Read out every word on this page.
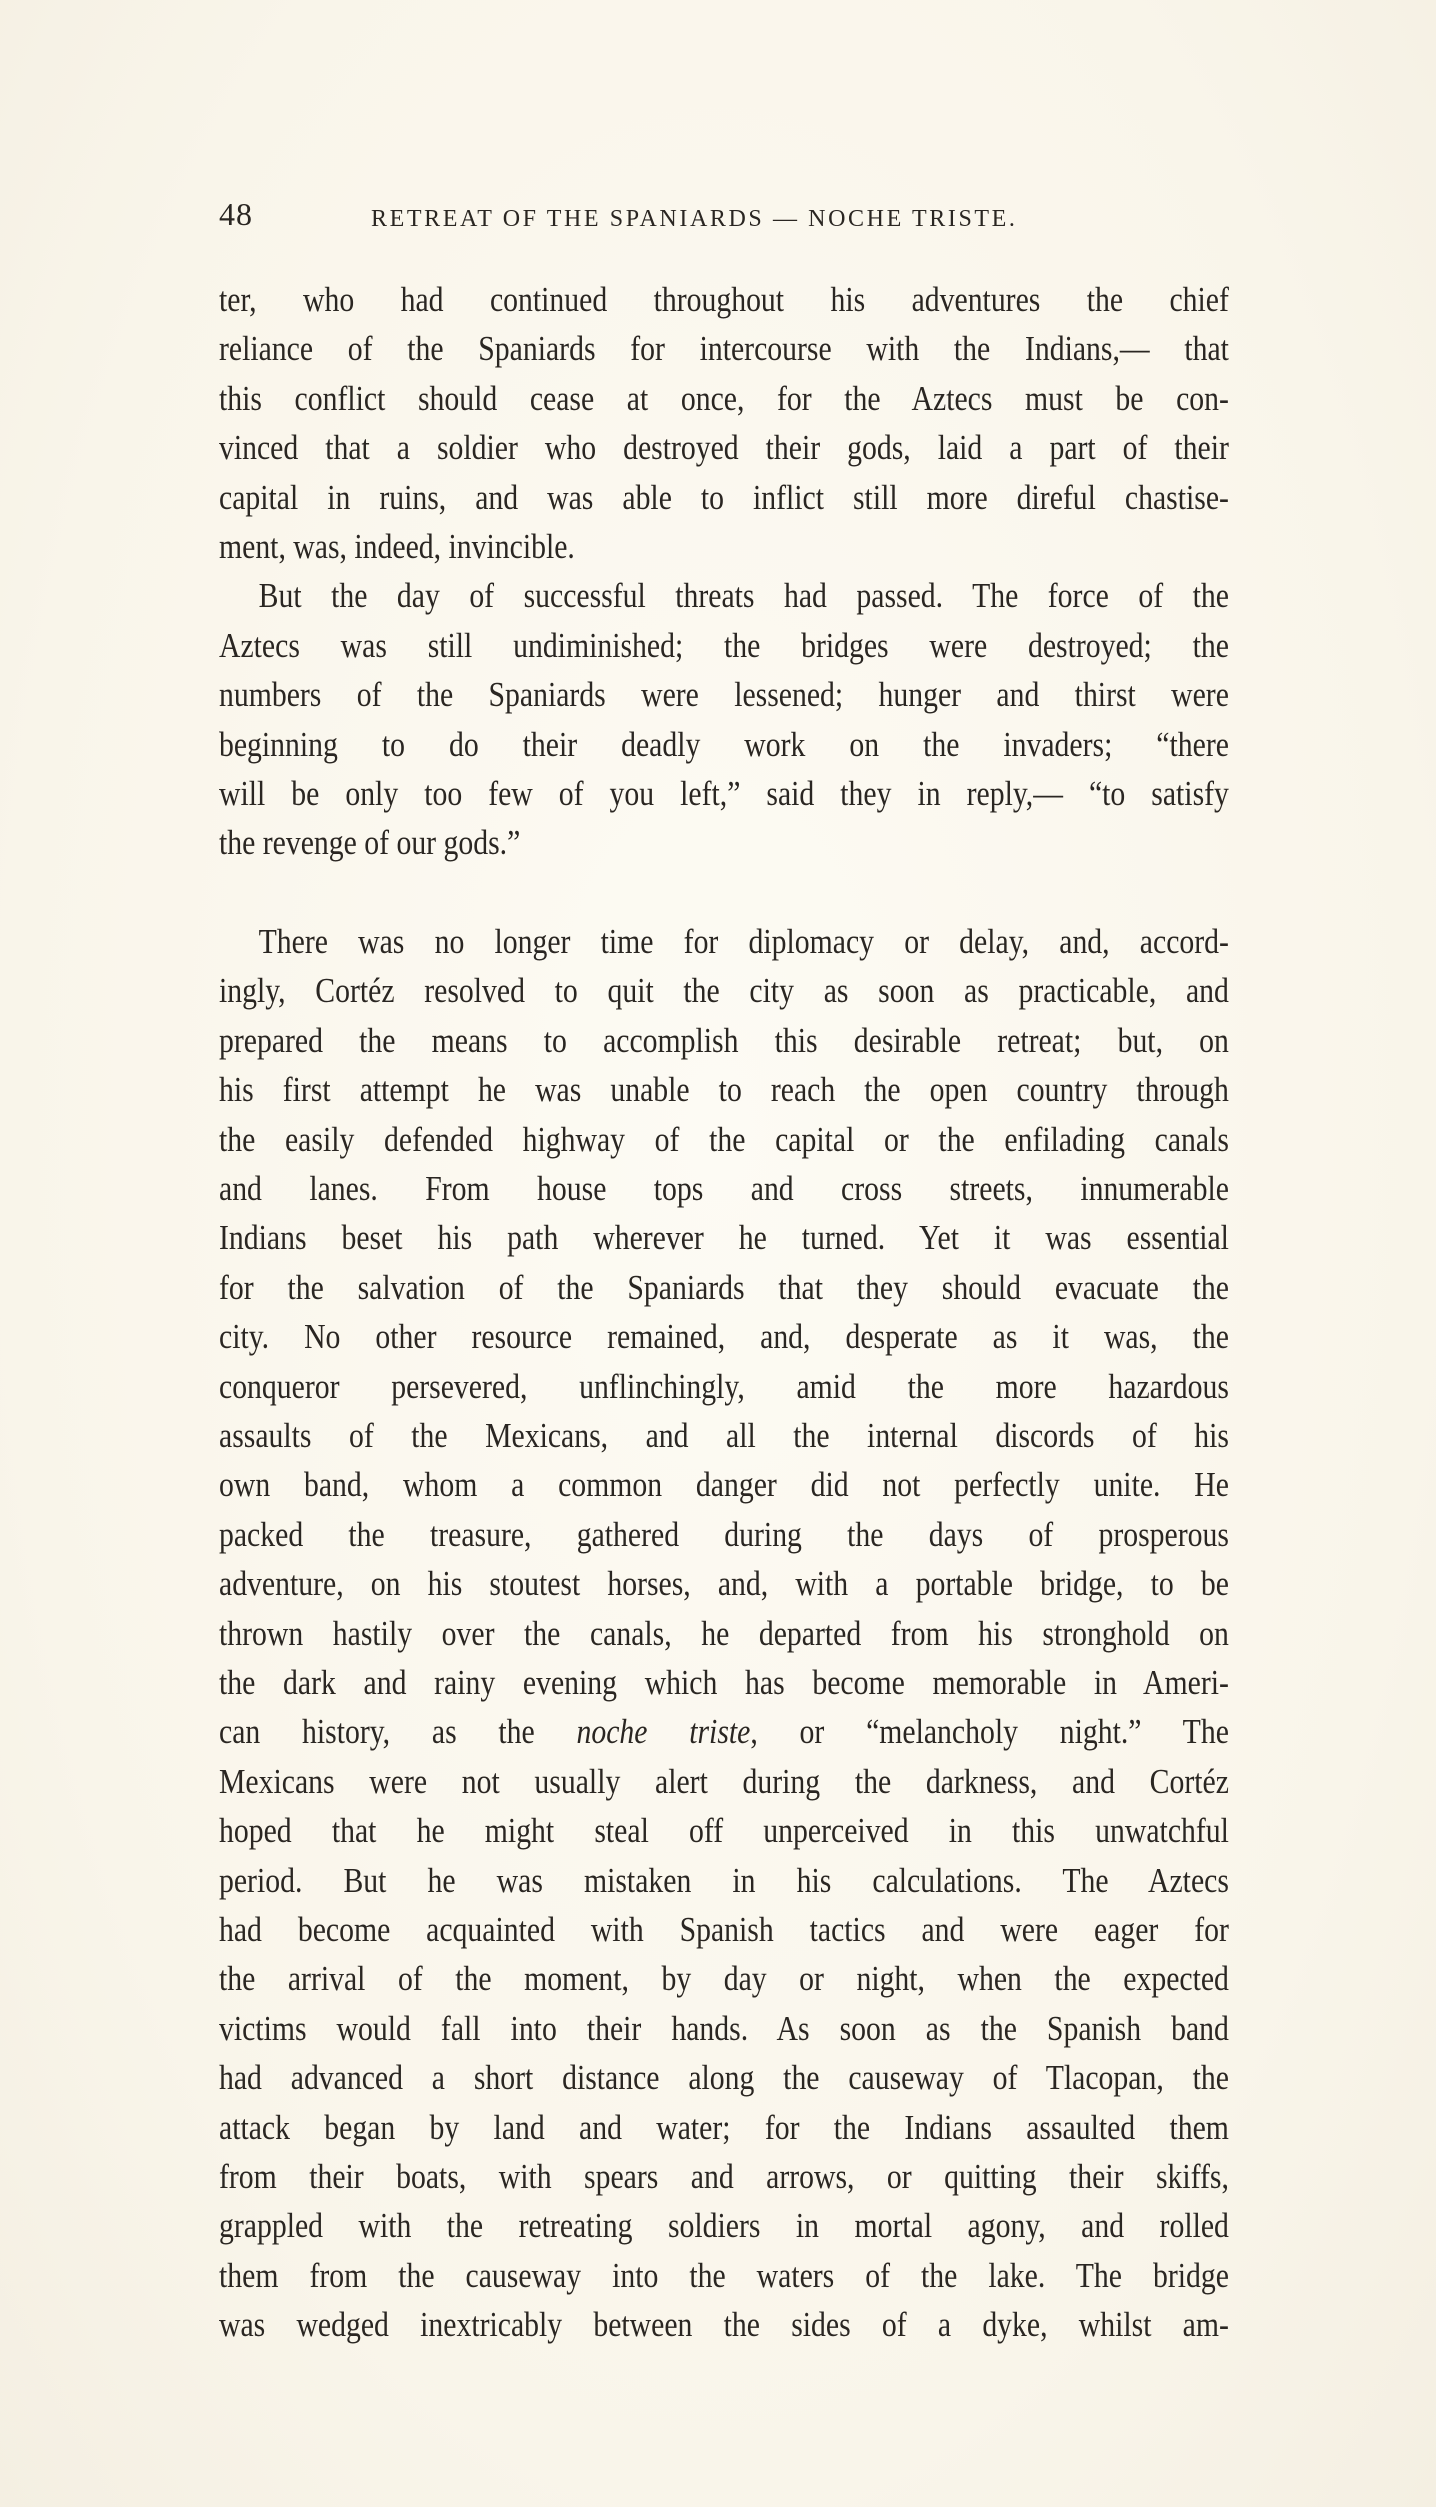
48	RETREAT OF THE SPANIARDS — NOCHE TRISTE.

ter, who had continued throughout his adventures the chief
reliance of the Spaniards for intercourse with the Indians,— that
this conflict should cease at once, for the Aztecs must be con-
vinced that a soldier who destroyed their gods, laid a part of their
capital in ruins, and was able to inflict still more direful chastise-
ment, was, indeed, invincible.

But the day of successful threats had passed. The force of the
Aztecs was still undiminished; the bridges were destroyed; the
numbers of the Spaniards were lessened; hunger and thirst were
beginning to do their deadly work on the invaders; “there
will be only too few of you left,” said they in reply,— “to satisfy
the revenge of our gods.”

There was no longer time for diplomacy or delay, and, accord-
ingly, Cortéz resolved to quit the city as soon as practicable, and
prepared the means to accomplish this desirable retreat; but, on
his first attempt he was unable to reach the open country through
the easily defended highway of the capital or the enfilading canals
and lanes. From house tops and cross streets, innumerable
Indians beset his path wherever he turned. Yet it was essential
for the salvation of the Spaniards that they should evacuate the
city. No other resource remained, and, desperate as it was, the
conqueror persevered, unflinchingly, amid the more hazardous
assaults of the Mexicans, and all the internal discords of his
own band, whom a common danger did not perfectly unite. He
packed the treasure, gathered during the days of prosperous
adventure, on his stoutest horses, and, with a portable bridge, to be
thrown hastily over the canals, he departed from his stronghold on
the dark and rainy evening which has become memorable in Ameri-
can history, as the noche triste, or “melancholy night.” The
Mexicans were not usually alert during the darkness, and Cortéz
hoped that he might steal off unperceived in this unwatchful
period. But he was mistaken in his calculations. The Aztecs
had become acquainted with Spanish tactics and were eager for
the arrival of the moment, by day or night, when the expected
victims would fall into their hands. As soon as the Spanish band
had advanced a short distance along the causeway of Tlacopan, the
attack began by land and water; for the Indians assaulted them
from their boats, with spears and arrows, or quitting their skiffs,
grappled with the retreating soldiers in mortal agony, and rolled
them from the causeway into the waters of the lake. The bridge
was wedged inextricably between the sides of a dyke, whilst am-
